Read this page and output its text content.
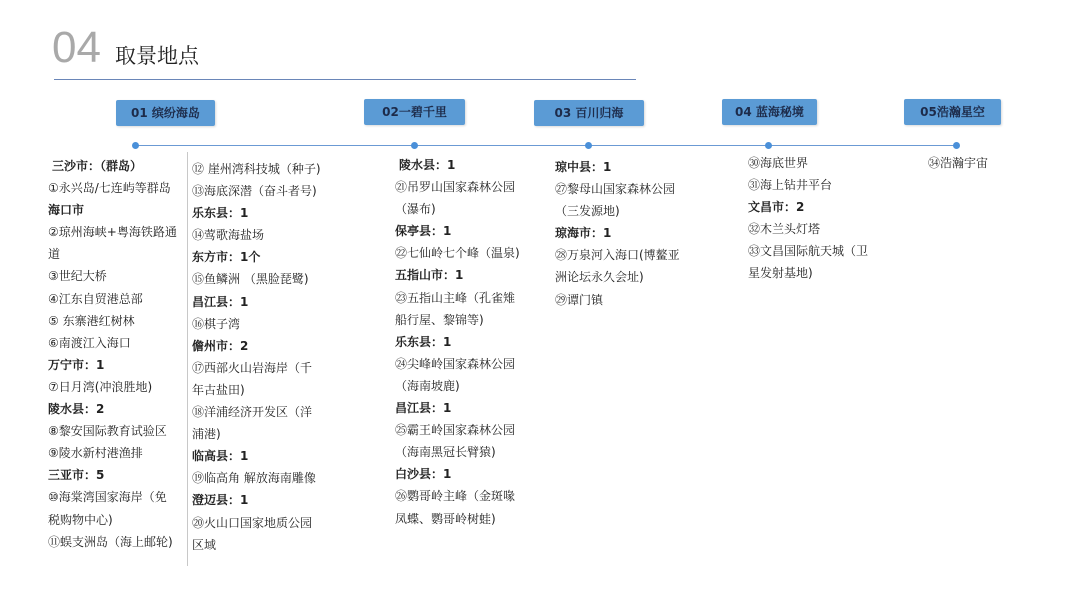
04 取景地点
01 缤纷海岛	02一碧千里	03 百川归海	04 蓝海秘境	05浩瀚星空
三沙市：（群岛）
①永兴岛/七连屿等群岛
海口市
②琼州海峡+粤海铁路通
道
③世纪大桥
④江东自贸港总部
⑤ 东寨港红树林
⑥南渡江入海口
万宁市：1
⑦日月湾(冲浪胜地)
陵水县：2
⑧黎安国际教育试验区
⑨陵水新村港渔排
三亚市：5
⑩海棠湾国家海岸（免
税购物中心)
⑪蜈支洲岛（海上邮轮)
⑫ 崖州湾科技城（种子)
⑬海底深潜（奋斗者号)
乐东县：1
⑭莺歌海盐场
东方市：1个
⑮鱼鳞洲 （黑脸琵鹭)
昌江县：1
⑯棋子湾
儋州市：2
⑰西部火山岩海岸（千
年古盐田)
⑱洋浦经济开发区（洋
浦港)
临高县：1
⑲临高角 解放海南雕像
澄迈县：1
⑳火山口国家地质公园
区域
陵水县：1
㉑吊罗山国家森林公园
（瀑布)
保亭县：1
㉒七仙岭七个峰（温泉)
五指山市：1
㉓五指山主峰（孔雀雉
船行屋、黎锦等)
乐东县：1
㉔尖峰岭国家森林公园
（海南坡鹿)
昌江县：1
㉕霸王岭国家森林公园
（海南黑冠长臂猿)
白沙县：1
㉖鹦哥岭主峰（金斑喙
凤蝶、鹦哥岭树蛙)
琼中县：1
㉗黎母山国家森林公园
（三发源地)
琼海市：1
㉘万泉河入海口(博鳌亚
洲论坛永久会址)
㉙谭门镇
㉚海底世界
㉛海上钻井平台
文昌市：2
㉜木兰头灯塔
㉝文昌国际航天城（卫
星发射基地)
㉞浩瀚宇宙
